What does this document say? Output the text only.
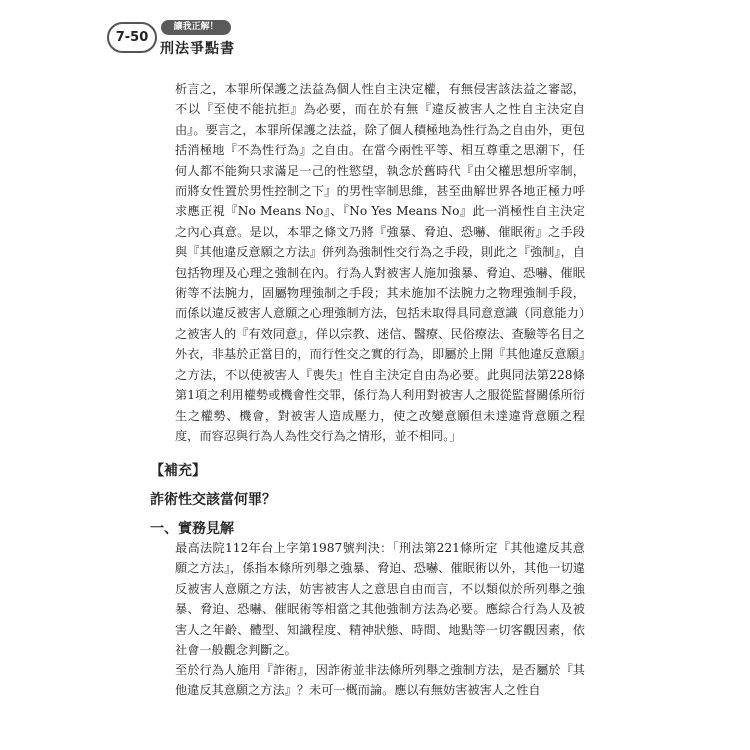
7-50
讓我正解！
刑法爭點書

析言之，本罪所保護之法益為個人性自主決定權，有無侵害該法益之審認，不以『至使不能抗拒』為必要，而在於有無『違反被害人之性自主決定自由』。要言之，本罪所保護之法益，除了個人積極地為性行為之自由外，更包括消極地『不為性行為』之自由。在當今兩性平等、相互尊重之思潮下，任何人都不能夠只求滿足一己的性慾望，執念於舊時代『由父權思想所宰制，而將女性置於男性控制之下』的男性宰制思維，甚至曲解世界各地正極力呼求應正視『No Means No』、『No Yes Means No』此一消極性自主決定之內心真意。是以，本罪之條文乃將『強暴、脅迫、恐嚇、催眠術』之手段與『其他違反意願之方法』併列為強制性交行為之手段，則此之『強制』，自包括物理及心理之強制在內。行為人對被害人施加強暴、脅迫、恐嚇、催眠術等不法腕力，固屬物理強制之手段；其未施加不法腕力之物理強制手段，而係以違反被害人意願之心理強制方法，包括未取得具同意意識（同意能力）之被害人的『有效同意』，佯以宗教、迷信、醫療、民俗療法、查驗等名目之外衣，非基於正當目的，而行性交之實的行為，即屬於上開『其他違反意願』之方法，不以使被害人『喪失』性自主決定自由為必要。此與同法第228條第1項之利用權勢或機會性交罪，係行為人利用對被害人之服從監督關係所衍生之權勢、機會，對被害人造成壓力，使之改變意願但未達違背意願之程度，而容忍與行為人為性交行為之情形，並不相同。」

【補充】
詐術性交該當何罪？
一、實務見解

最高法院112年台上字第1987號判決：「刑法第221條所定『其他違反其意願之方法』，係指本條所列舉之強暴、脅迫、恐嚇、催眠術以外，其他一切違反被害人意願之方法，妨害被害人之意思自由而言，不以類似於所列舉之強暴、脅迫、恐嚇、催眠術等相當之其他強制方法為必要。應綜合行為人及被害人之年齡、體型、知識程度、精神狀態、時間、地點等一切客觀因素，依社會一般觀念判斷之。

至於行為人施用『詐術』，因詐術並非法條所列舉之強制方法，是否屬於『其他違反其意願之方法』？未可一概而論。應以有無妨害被害人之性自
